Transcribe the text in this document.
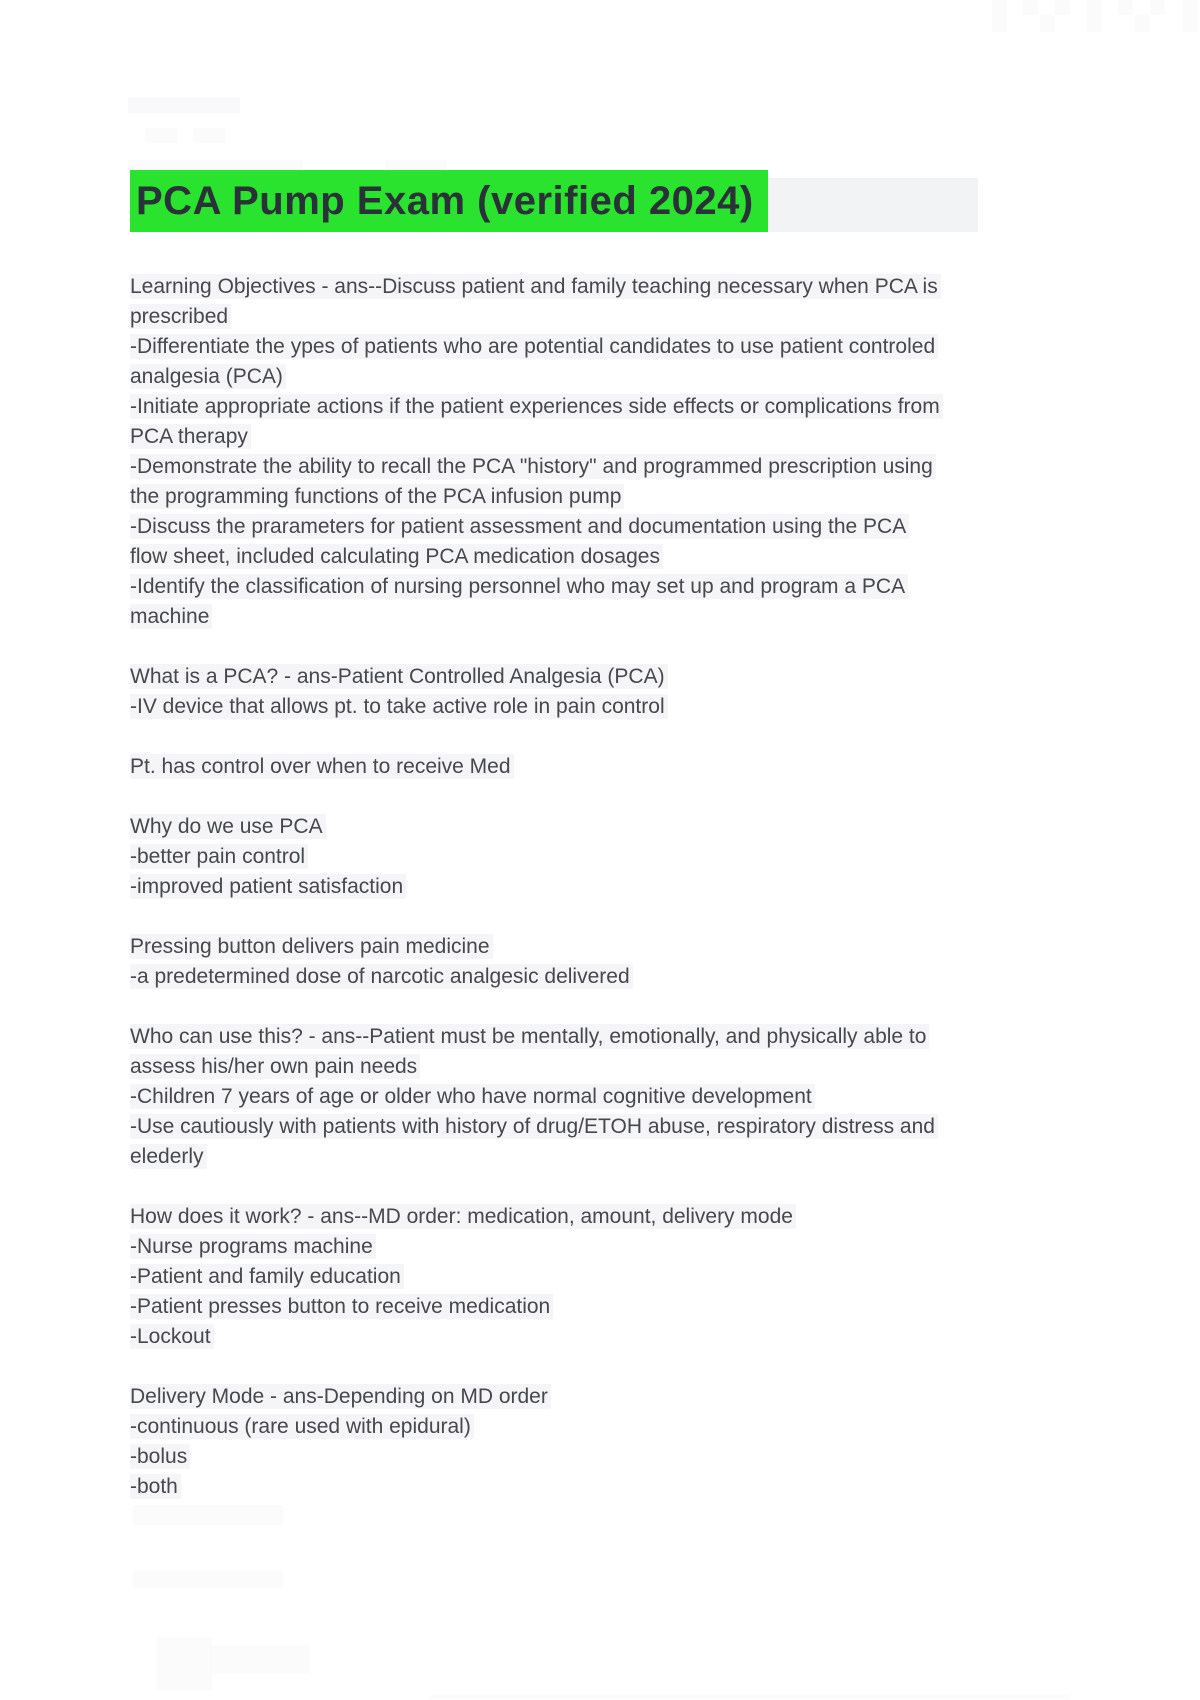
PCA Pump Exam (verified 2024)
Learning Objectives - ans--Discuss patient and family teaching necessary when PCA is
prescribed
-Differentiate the ypes of patients who are potential candidates to use patient controled
analgesia (PCA)
-Initiate appropriate actions if the patient experiences side effects or complications from
PCA therapy
-Demonstrate the ability to recall the PCA "history" and programmed prescription using
the programming functions of the PCA infusion pump
-Discuss the prarameters for patient assessment and documentation using the PCA
flow sheet, included calculating PCA medication dosages
-Identify the classification of nursing personnel who may set up and program a PCA
machine
What is a PCA? - ans-Patient Controlled Analgesia (PCA)
-IV device that allows pt. to take active role in pain control
Pt. has control over when to receive Med
Why do we use PCA
-better pain control
-improved patient satisfaction
Pressing button delivers pain medicine
-a predetermined dose of narcotic analgesic delivered
Who can use this? - ans--Patient must be mentally, emotionally, and physically able to
assess his/her own pain needs
-Children 7 years of age or older who have normal cognitive development
-Use cautiously with patients with history of drug/ETOH abuse, respiratory distress and
elederly
How does it work? - ans--MD order: medication, amount, delivery mode
-Nurse programs machine
-Patient and family education
-Patient presses button to receive medication
-Lockout
Delivery Mode - ans-Depending on MD order
-continuous (rare used with epidural)
-bolus
-both
